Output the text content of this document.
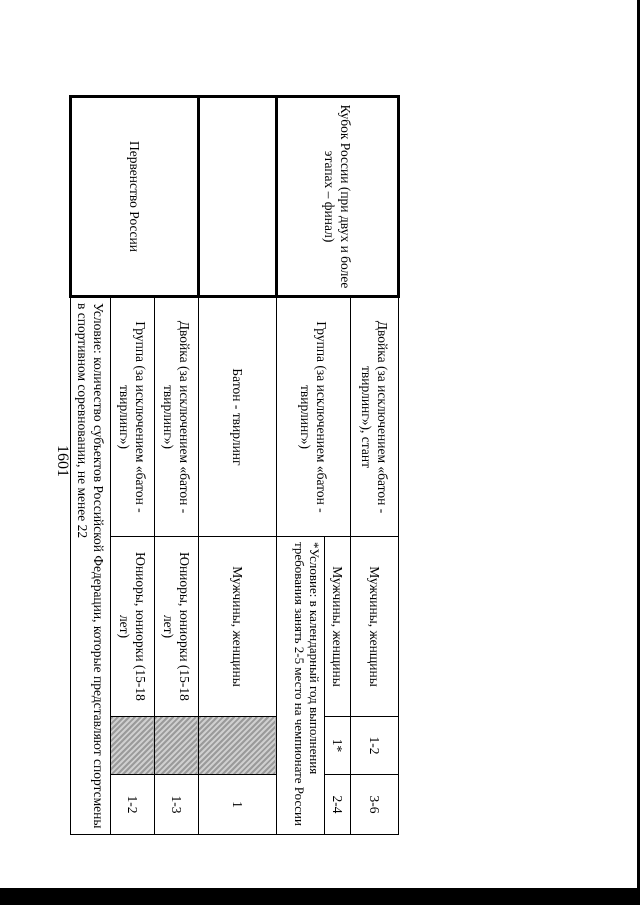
1601
Кубок России (при двух и более этапах – финал)	Двойка (за исключением «батон - твирлинг»), стант	Мужчины, женщины	1-2	3-6
	Группа (за исключением «батон - твирлинг»)	Мужчины, женщины	1*	2-4
		*Условие: в календарный год выполнения требования занять 2-5 место на чемпионате России		
	Батон - твирлинг	Мужчины, женщины		1
Первенство России	Двойка (за исключением «батон - твирлинг»)	Юниоры, юниорки (15-18 лет)		1-3
	Группа (за исключением «батон - твирлинг»)	Юниоры, юниорки (15-18 лет)		1-2
	Условие: количество субъектов Российской Федерации, которые представляют спортсмены в спортивном соревновании, не менее 22			
